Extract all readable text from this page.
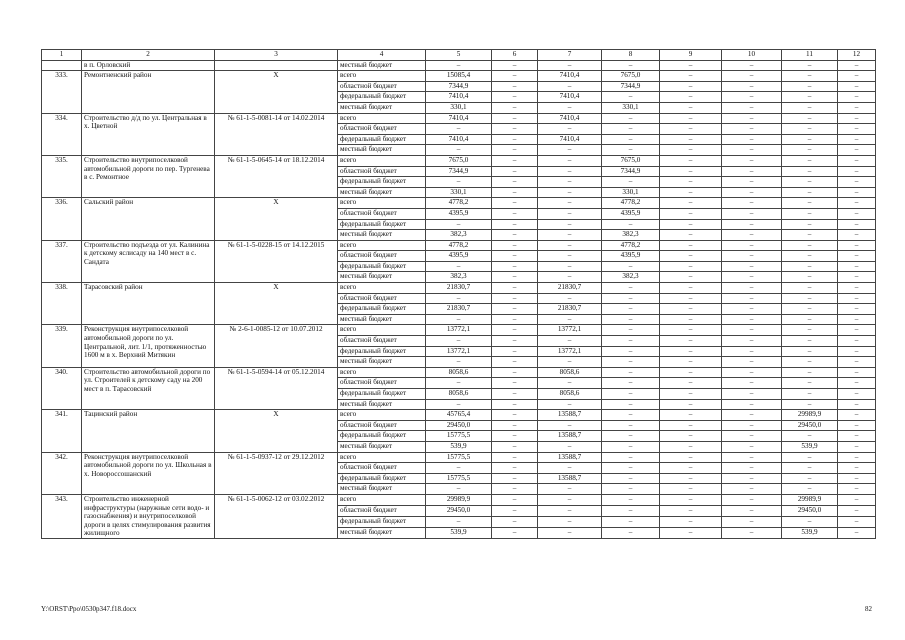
1	2	3	4	5	6	7	8	9	10	11	12
	в п. Орловский		местный бюджет	–	–	–	–	–	–	–	–
333.	Ремонтненский район	Х	всего	15085,4	–	7410,4	7675,0	–	–	–	–
			областной бюджет	7344,9	–	–	7344,9	–	–	–	–
			федеральный бюджет	7410,4	–	7410,4	–	–	–	–	–
			местный бюджет	330,1	–	–	330,1	–	–	–	–
334.	Строительство д/д по ул. Центральная в х. Цветной	№ 61-1-5-0081-14 от 14.02.2014	всего	7410,4	–	7410,4	–	–	–	–	–
			областной бюджет	–	–	–	–	–	–	–	–
			федеральный бюджет	7410,4	–	7410,4	–	–	–	–	–
			местный бюджет	–	–	–	–	–	–	–	–
335.	Строительство внутрипоселковой автомобильной дороги по пер. Тургенева в с. Ремонтное	№ 61-1-5-0645-14 от 18.12.2014	всего	7675,0	–	–	7675,0	–	–	–	–
			областной бюджет	7344,9	–	–	7344,9	–	–	–	–
			федеральный бюджет	–	–	–	–	–	–	–	–
			местный бюджет	330,1	–	–	330,1	–	–	–	–
336.	Сальский район	Х	всего	4778,2	–	–	4778,2	–	–	–	–
			областной бюджет	4395,9	–	–	4395,9	–	–	–	–
			федеральный бюджет	–	–	–	–	–	–	–	–
			местный бюджет	382,3	–	–	382,3	–	–	–	–
337.	Строительство подъезда от ул. Калинина к детскому яслисаду на 140 мест в с. Сандата	№ 61-1-5-0228-15 от 14.12.2015	всего	4778,2	–	–	4778,2	–	–	–	–
			областной бюджет	4395,9	–	–	4395,9	–	–	–	–
			федеральный бюджет	–	–	–	–	–	–	–	–
			местный бюджет	382,3	–	–	382,3	–	–	–	–
338.	Тарасовский район	Х	всего	21830,7	–	21830,7	–	–	–	–	–
			областной бюджет	–	–	–	–	–	–	–	–
			федеральный бюджет	21830,7	–	21830,7	–	–	–	–	–
			местный бюджет	–	–	–	–	–	–	–	–
339.	Реконструкция внутрипоселковой автомобильной дороги по ул. Центральной, лит. 1/1, протяженностью 1600 м в х. Верхний Митякин	№ 2-6-1-0085-12 от 10.07.2012	всего	13772,1	–	13772,1	–	–	–	–	–
			областной бюджет	–	–	–	–	–	–	–	–
			федеральный бюджет	13772,1	–	13772,1	–	–	–	–	–
			местный бюджет	–	–	–	–	–	–	–	–
340.	Строительство автомобильной дороги по ул. Строителей к детскому саду на 200 мест в п. Тарасовский	№ 61-1-5-0594-14 от 05.12.2014	всего	8058,6	–	8058,6	–	–	–	–	–
			областной бюджет	–	–	–	–	–	–	–	–
			федеральный бюджет	8058,6	–	8058,6	–	–	–	–	–
			местный бюджет	–	–	–	–	–	–	–	–
341.	Тацинский район	Х	всего	45765,4	–	13588,7	–	–	–	29989,9	–
			областной бюджет	29450,0	–	–	–	–	–	29450,0	–
			федеральный бюджет	15775,5	–	13588,7	–	–	–	–	–
			местный бюджет	539,9	–	–	–	–	–	539,9	–
342.	Реконструкция внутрипоселковой автомобильной дороги по ул. Школьная в х. Новороссошанский	№ 61-1-5-0937-12 от 29.12.2012	всего	15775,5	–	13588,7	–	–	–	–	–
			областной бюджет	–	–	–	–	–	–	–	–
			федеральный бюджет	15775,5	–	13588,7	–	–	–	–	–
			местный бюджет	–	–	–	–	–	–	–	–
343.	Строительство инженерной инфраструктуры (наружные сети водо- и газоснабжения) и внутрипоселковой дороги в целях стимулирования развития жилищного	№ 61-1-5-0062-12 от 03.02.2012	всего	29989,9	–	–	–	–	–	29989,9	–
			областной бюджет	29450,0	–	–	–	–	–	29450,0	–
			федеральный бюджет	–	–	–	–	–	–	–	–
			местный бюджет	539,9	–	–	–	–	–	539,9	–
Y:\ORST\Ppo\0530p347.f18.docx	82
